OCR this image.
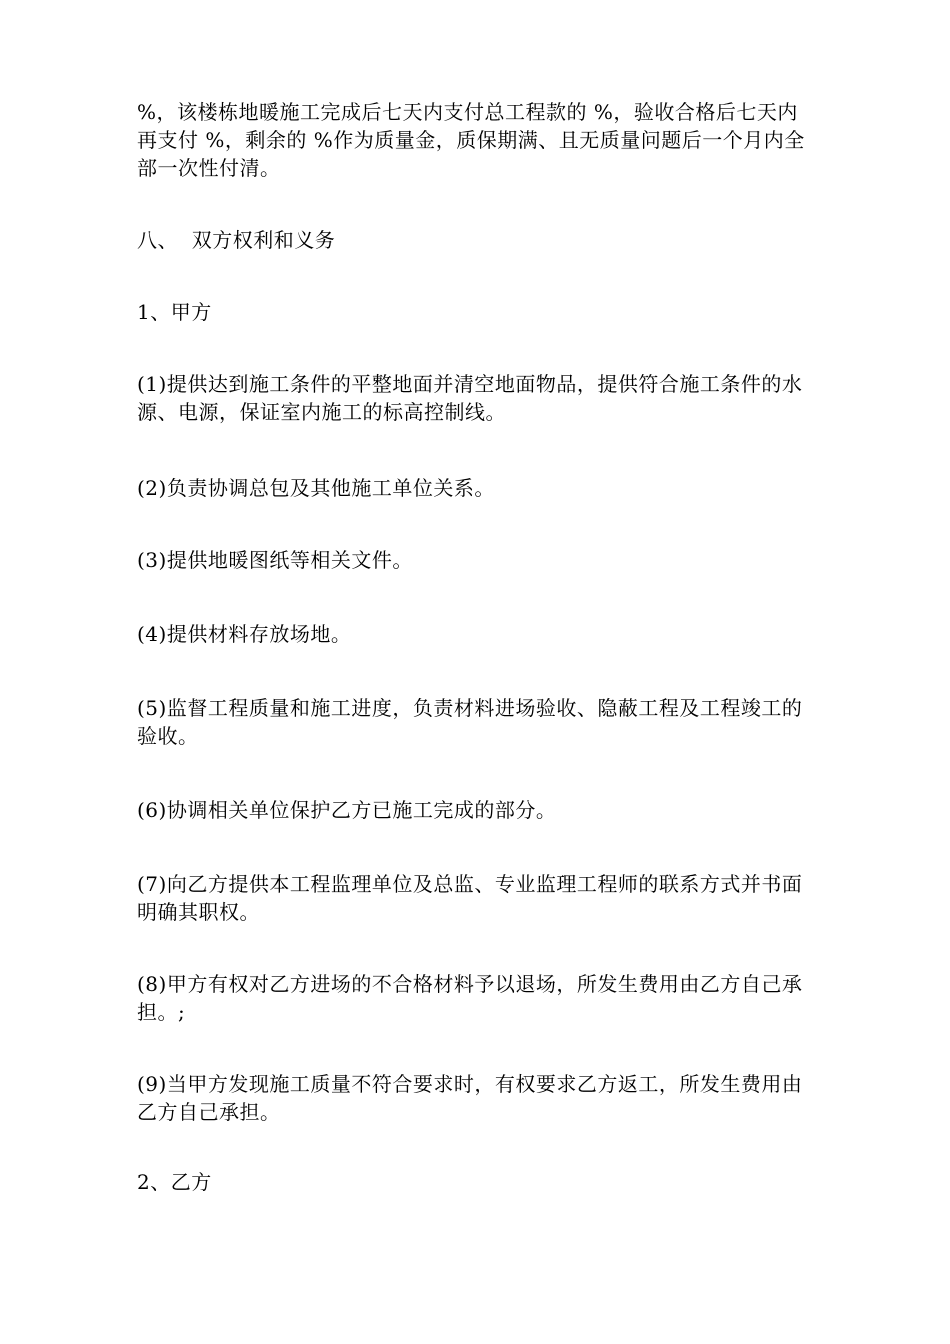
%，该楼栋地暖施工完成后七天内支付总工程款的 %，验收合格后七天内再支付 %，剩余的 %作为质量金，质保期满、且无质量问题后一个月内全部一次性付清。
八、  双方权利和义务
1、甲方
(1)提供达到施工条件的平整地面并清空地面物品，提供符合施工条件的水源、电源，保证室内施工的标高控制线。
(2)负责协调总包及其他施工单位关系。
(3)提供地暖图纸等相关文件。
(4)提供材料存放场地。
(5)监督工程质量和施工进度，负责材料进场验收、隐蔽工程及工程竣工的验收。
(6)协调相关单位保护乙方已施工完成的部分。
(7)向乙方提供本工程监理单位及总监、专业监理工程师的联系方式并书面明确其职权。
(8)甲方有权对乙方进场的不合格材料予以退场，所发生费用由乙方自己承担。;
(9)当甲方发现施工质量不符合要求时，有权要求乙方返工，所发生费用由乙方自己承担。
2、乙方
